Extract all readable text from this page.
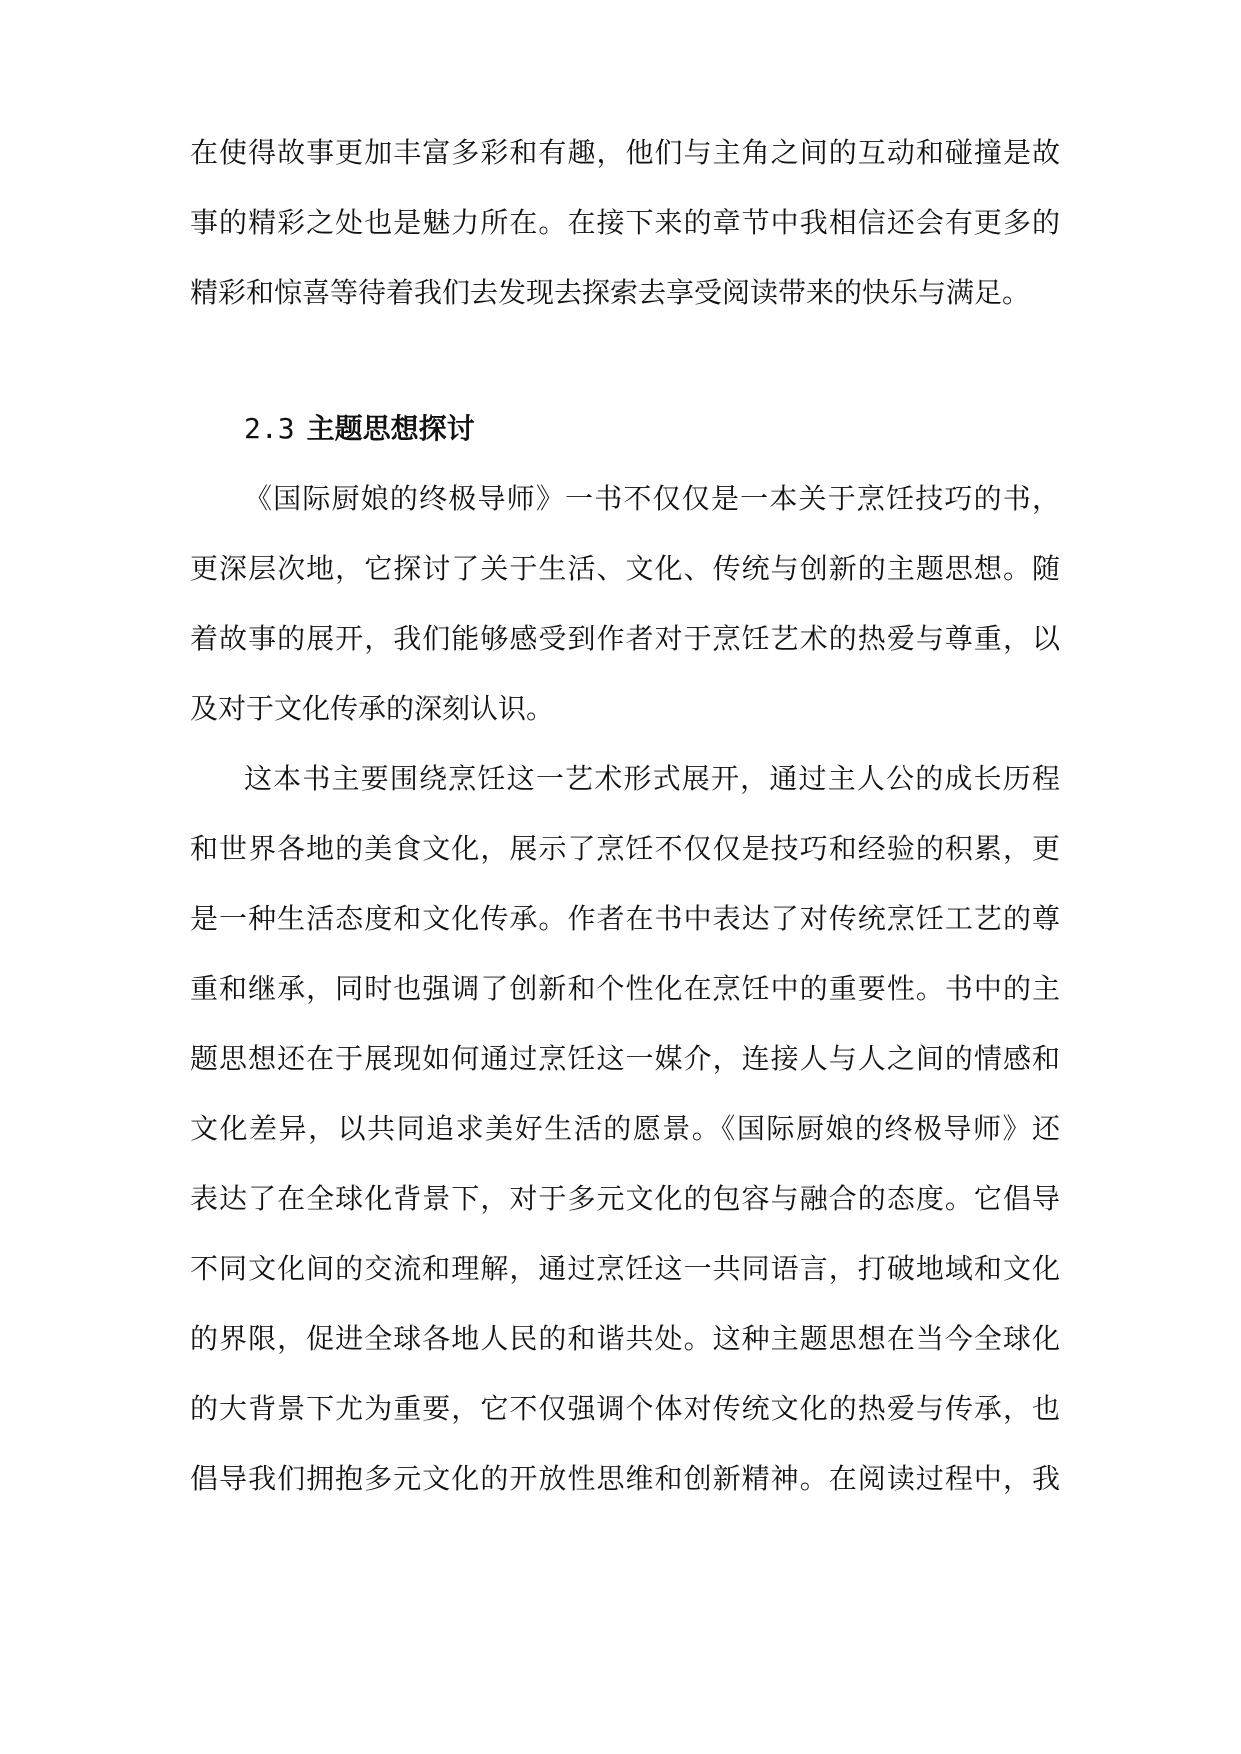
在使得故事更加丰富多彩和有趣，他们与主角之间的互动和碰撞是故
事的精彩之处也是魅力所在。在接下来的章节中我相信还会有更多的
精彩和惊喜等待着我们去发现去探索去享受阅读带来的快乐与满足。
2.3 主题思想探讨
《国际厨娘的终极导师》一书不仅仅是一本关于烹饪技巧的书，
更深层次地，它探讨了关于生活、文化、传统与创新的主题思想。随
着故事的展开，我们能够感受到作者对于烹饪艺术的热爱与尊重，以
及对于文化传承的深刻认识。
这本书主要围绕烹饪这一艺术形式展开，通过主人公的成长历程
和世界各地的美食文化，展示了烹饪不仅仅是技巧和经验的积累，更
是一种生活态度和文化传承。作者在书中表达了对传统烹饪工艺的尊
重和继承，同时也强调了创新和个性化在烹饪中的重要性。书中的主
题思想还在于展现如何通过烹饪这一媒介，连接人与人之间的情感和
文化差异，以共同追求美好生活的愿景。《国际厨娘的终极导师》还
表达了在全球化背景下，对于多元文化的包容与融合的态度。它倡导
不同文化间的交流和理解，通过烹饪这一共同语言，打破地域和文化
的界限，促进全球各地人民的和谐共处。这种主题思想在当今全球化
的大背景下尤为重要，它不仅强调个体对传统文化的热爱与传承，也
倡导我们拥抱多元文化的开放性思维和创新精神。在阅读过程中，我
